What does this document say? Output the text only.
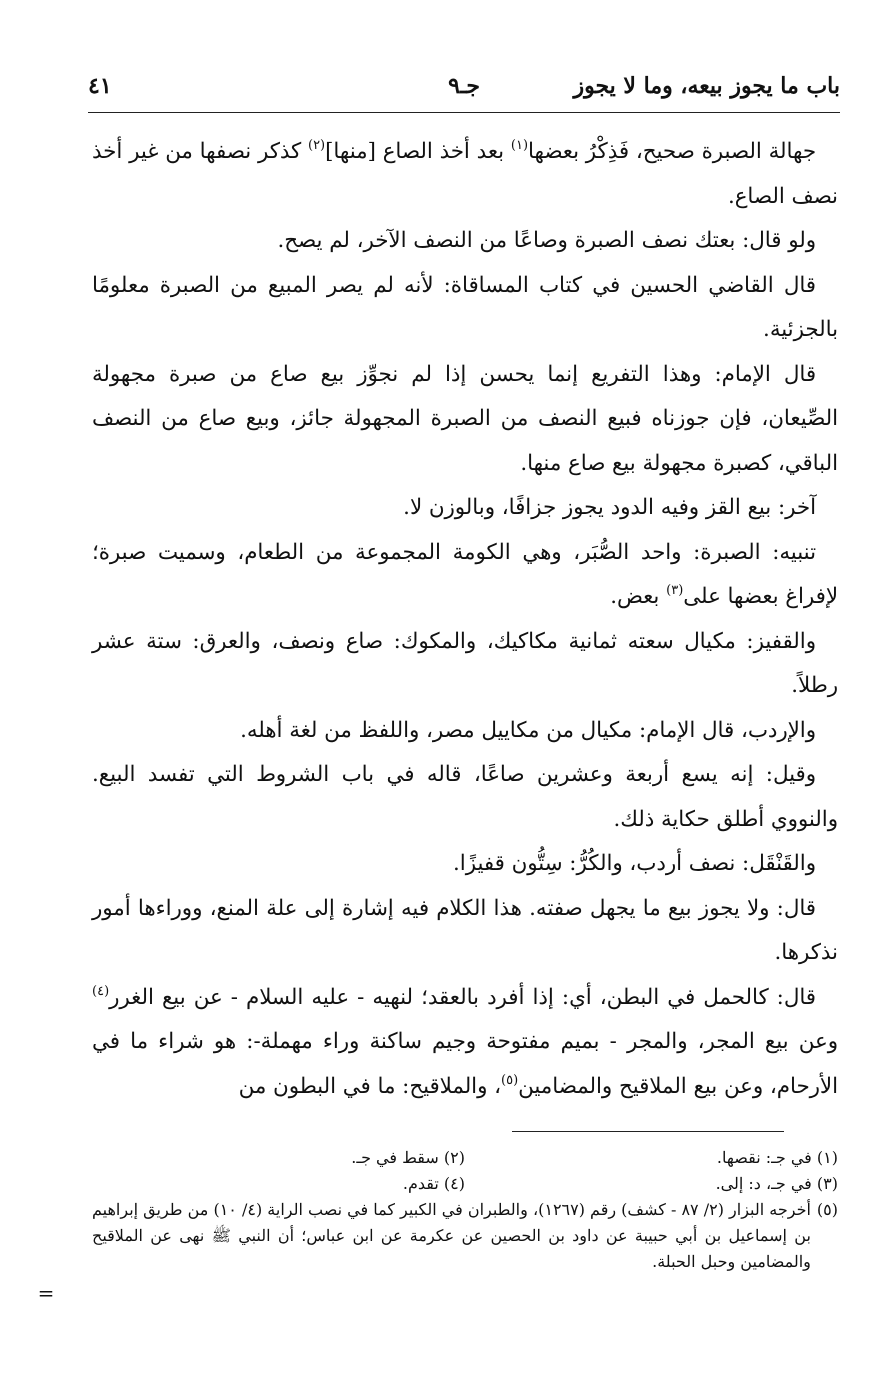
باب ما يجوز بيعه، وما لا يجوز
جـ٩
٤١

جهالة الصبرة صحيح، فَذِكْرُ بعضها$^{(١)}$ بعد أخذ الصاع [منها]$^{(٢)}$ كذكر نصفها من غير أخذ نصف الصاع.

ولو قال: بعتك نصف الصبرة وصاعًا من النصف الآخر، لم يصح.

قال القاضي الحسين في كتاب المساقاة: لأنه لم يصر المبيع من الصبرة معلومًا بالجزئية.

قال الإمام: وهذا التفريع إنما يحسن إذا لم نجوِّز بيع صاع من صبرة مجهولة الصِّيعان، فإن جوزناه فبيع النصف من الصبرة المجهولة جائز، وبيع صاع من النصف الباقي، كصبرة مجهولة بيع صاع منها.

آخر: بيع القز وفيه الدود يجوز جزافًا، وبالوزن لا.

تنبيه: الصبرة: واحد الصُّبَر، وهي الكومة المجموعة من الطعام، وسميت صبرة؛ لإفراغ بعضها على$^{(٣)}$ بعض.

والقفيز: مكيال سعته ثمانية مكاكيك، والمكوك: صاع ونصف، والعرق: ستة عشر رطلاً.

والإردب، قال الإمام: مكيال من مكاييل مصر، واللفظ من لغة أهله.

وقيل: إنه يسع أربعة وعشرين صاعًا، قاله في باب الشروط التي تفسد البيع. والنووي أطلق حكاية ذلك.

والقَنْقَل: نصف أردب، والكُرُّ: سِتُّون قفيزًا.

قال: ولا يجوز بيع ما يجهل صفته. هذا الكلام فيه إشارة إلى علة المنع، ووراءها أمور نذكرها.

قال: كالحمل في البطن، أي: إذا أفرد بالعقد؛ لنهيه - عليه السلام - عن بيع الغرر$^{(٤)}$ وعن بيع المجر، والمجر - بميم مفتوحة وجيم ساكنة وراء مهملة-: هو شراء ما في الأرحام، وعن بيع الملاقيح والمضامين$^{(٥)}$، والملاقيح: ما في البطون من

(١) في جـ: نقصها.
(٢) سقط في جـ.
(٣) في جـ، د: إلى.
(٤) تقدم.
(٥)
أخرجه البزار (٢/ ٨٧ - كشف) رقم (١٢٦٧)، والطبران في الكبير كما في نصب الراية (٤/ ١٠) من طريق إبراهيم بن إسماعيل بن أبي حبيبة عن داود بن الحصين عن عكرمة عن ابن عباس؛ أن النبي ﷺ نهى عن الملاقيح والمضامين وحبل الحبلة.
=
